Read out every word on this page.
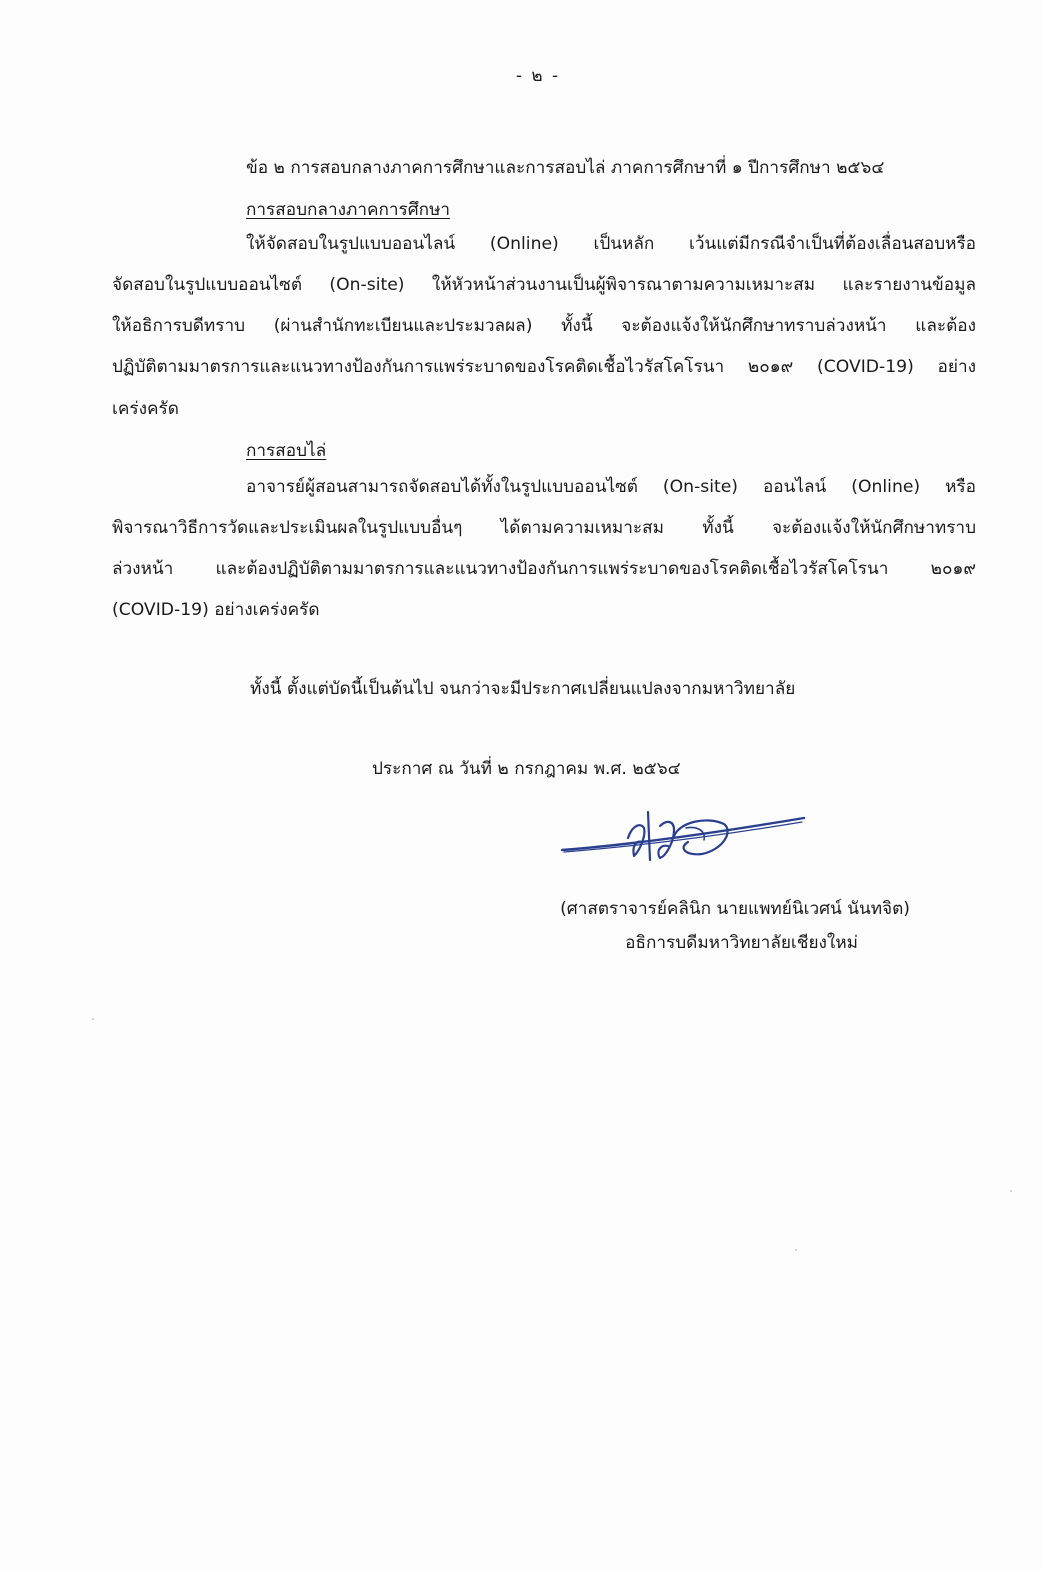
- ๒ -
ข้อ ๒ การสอบกลางภาคการศึกษาและการสอบไล่ ภาคการศึกษาที่ ๑ ปีการศึกษา ๒๕๖๔
การสอบกลางภาคการศึกษา
ให้จัดสอบในรูปแบบออนไลน์ (Online) เป็นหลัก เว้นแต่มีกรณีจำเป็นที่ต้องเลื่อนสอบหรือ
จัดสอบในรูปแบบออนไซต์ (On-site) ให้หัวหน้าส่วนงานเป็นผู้พิจารณาตามความเหมาะสม และรายงานข้อมูล
ให้อธิการบดีทราบ (ผ่านสำนักทะเบียนและประมวลผล) ทั้งนี้ จะต้องแจ้งให้นักศึกษาทราบล่วงหน้า และต้อง
ปฏิบัติตามมาตรการและแนวทางป้องกันการแพร่ระบาดของโรคติดเชื้อไวรัสโคโรนา ๒๐๑๙ (COVID-19) อย่าง
เคร่งครัด
การสอบไล่
อาจารย์ผู้สอนสามารถจัดสอบได้ทั้งในรูปแบบออนไซต์ (On-site) ออนไลน์ (Online) หรือ
พิจารณาวิธีการวัดและประเมินผลในรูปแบบอื่นๆ ได้ตามความเหมาะสม ทั้งนี้ จะต้องแจ้งให้นักศึกษาทราบ
ล่วงหน้า และต้องปฏิบัติตามมาตรการและแนวทางป้องกันการแพร่ระบาดของโรคติดเชื้อไวรัสโคโรนา ๒๐๑๙
(COVID-19) อย่างเคร่งครัด
ทั้งนี้ ตั้งแต่บัดนี้เป็นต้นไป จนกว่าจะมีประกาศเปลี่ยนแปลงจากมหาวิทยาลัย
ประกาศ ณ วันที่ ๒ กรกฎาคม พ.ศ. ๒๕๖๔
(ศาสตราจารย์คลินิก นายแพทย์นิเวศน์ นันทจิต)
อธิการบดีมหาวิทยาลัยเชียงใหม่
